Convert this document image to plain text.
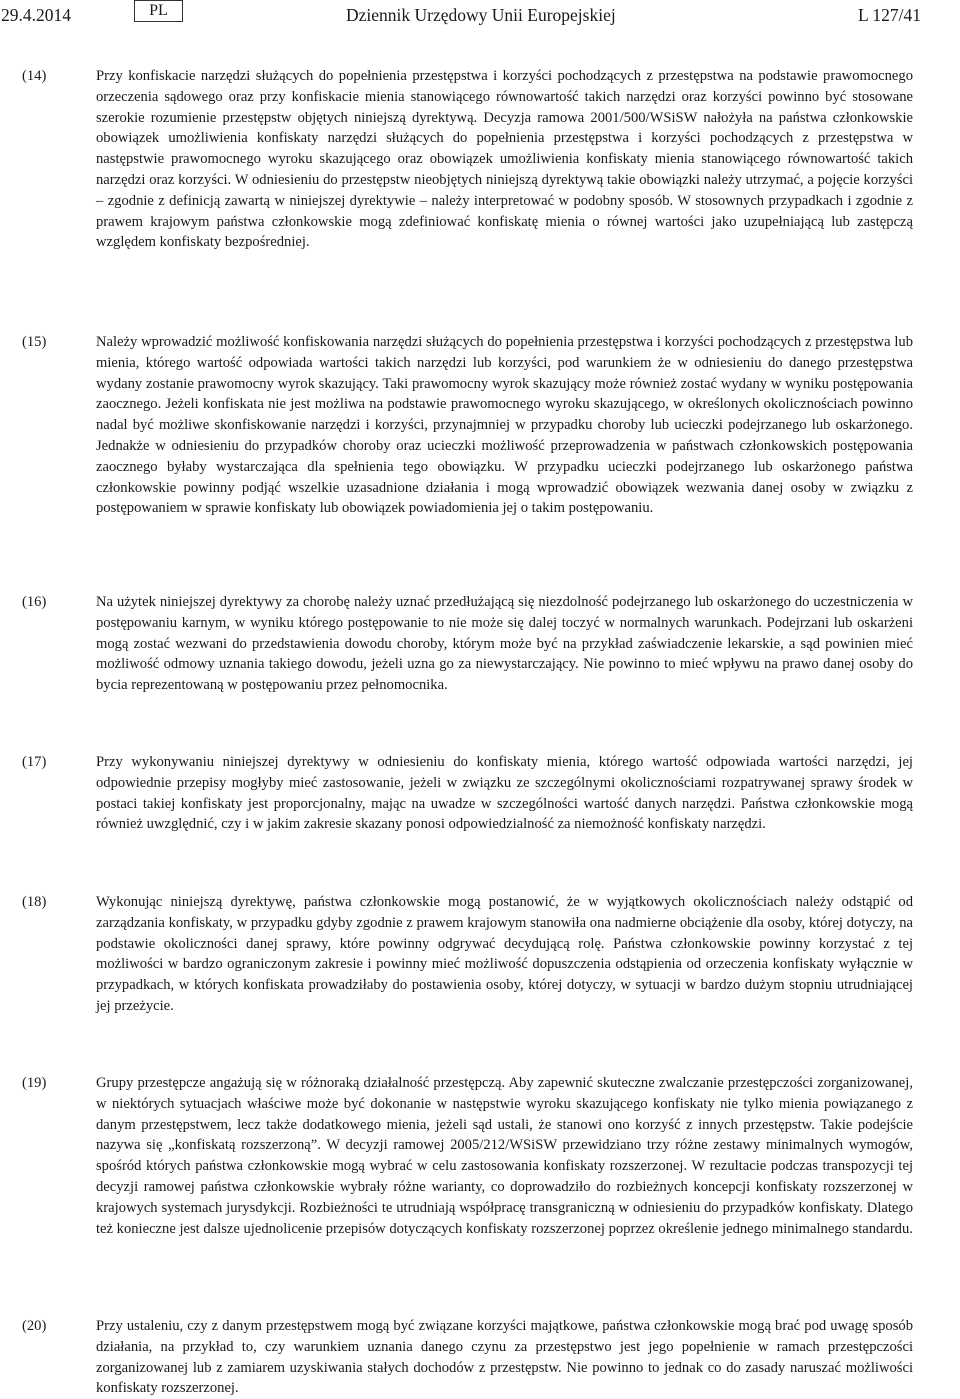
29.4.2014	PL	Dziennik Urzędowy Unii Europejskiej	L 127/41
(14)	Przy konfiskacie narzędzi służących do popełnienia przestępstwa i korzyści pochodzących z przestępstwa na podstawie prawomocnego orzeczenia sądowego oraz przy konfiskacie mienia stanowiącego równowartość takich narzędzi oraz korzyści powinno być stosowane szerokie rozumienie przestępstw objętych niniejszą dyrektywą. Decyzja ramowa 2001/500/WSiSW nałożyła na państwa członkowskie obowiązek umożliwienia konfiskaty narzędzi służących do popełnienia przestępstwa i korzyści pochodzących z przestępstwa w następstwie prawomocnego wyroku skazującego oraz obowiązek umożliwienia konfiskaty mienia stanowiącego równowartość takich narzędzi oraz korzyści. W odniesieniu do przestępstw nieobjętych niniejszą dyrektywą takie obowiązki należy utrzymać, a pojęcie korzyści – zgodnie z definicją zawartą w niniejszej dyrektywie – należy interpretować w podobny sposób. W stosownych przypadkach i zgodnie z prawem krajowym państwa członkowskie mogą zdefiniować konfiskatę mienia o równej wartości jako uzupełniającą lub zastępczą względem konfiskaty bezpośredniej.
(15)	Należy wprowadzić możliwość konfiskowania narzędzi służących do popełnienia przestępstwa i korzyści pochodzących z przestępstwa lub mienia, którego wartość odpowiada wartości takich narzędzi lub korzyści, pod warunkiem że w odniesieniu do danego przestępstwa wydany zostanie prawomocny wyrok skazujący. Taki prawomocny wyrok skazujący może również zostać wydany w wyniku postępowania zaocznego. Jeżeli konfiskata nie jest możliwa na podstawie prawomocnego wyroku skazującego, w określonych okolicznościach powinno nadal być możliwe skonfiskowanie narzędzi i korzyści, przynajmniej w przypadku choroby lub ucieczki podejrzanego lub oskarżonego. Jednakże w odniesieniu do przypadków choroby oraz ucieczki możliwość przeprowadzenia w państwach członkowskich postępowania zaocznego byłaby wystarczająca dla spełnienia tego obowiązku. W przypadku ucieczki podejrzanego lub oskarżonego państwa członkowskie powinny podjąć wszelkie uzasadnione działania i mogą wprowadzić obowiązek wezwania danej osoby w związku z postępowaniem w sprawie konfiskaty lub obowiązek powiadomienia jej o takim postępowaniu.
(16)	Na użytek niniejszej dyrektywy za chorobę należy uznać przedłużającą się niezdolność podejrzanego lub oskarżonego do uczestniczenia w postępowaniu karnym, w wyniku którego postępowanie to nie może się dalej toczyć w normalnych warunkach. Podejrzani lub oskarżeni mogą zostać wezwani do przedstawienia dowodu choroby, którym może być na przykład zaświadczenie lekarskie, a sąd powinien mieć możliwość odmowy uznania takiego dowodu, jeżeli uzna go za niewystarczający. Nie powinno to mieć wpływu na prawo danej osoby do bycia reprezentowaną w postępowaniu przez pełnomocnika.
(17)	Przy wykonywaniu niniejszej dyrektywy w odniesieniu do konfiskaty mienia, którego wartość odpowiada wartości narzędzi, jej odpowiednie przepisy mogłyby mieć zastosowanie, jeżeli w związku ze szczególnymi okolicznościami rozpatrywanej sprawy środek w postaci takiej konfiskaty jest proporcjonalny, mając na uwadze w szczególności wartość danych narzędzi. Państwa członkowskie mogą również uwzględnić, czy i w jakim zakresie skazany ponosi odpowiedzialność za niemożność konfiskaty narzędzi.
(18)	Wykonując niniejszą dyrektywę, państwa członkowskie mogą postanowić, że w wyjątkowych okolicznościach należy odstąpić od zarządzania konfiskaty, w przypadku gdyby zgodnie z prawem krajowym stanowiła ona nadmierne obciążenie dla osoby, której dotyczy, na podstawie okoliczności danej sprawy, które powinny odgrywać decydującą rolę. Państwa członkowskie powinny korzystać z tej możliwości w bardzo ograniczonym zakresie i powinny mieć możliwość dopuszczenia odstąpienia od orzeczenia konfiskaty wyłącznie w przypadkach, w których konfiskata prowadziłaby do postawienia osoby, której dotyczy, w sytuacji w bardzo dużym stopniu utrudniającej jej przeżycie.
(19)	Grupy przestępcze angażują się w różnoraką działalność przestępczą. Aby zapewnić skuteczne zwalczanie przestępczości zorganizowanej, w niektórych sytuacjach właściwe może być dokonanie w następstwie wyroku skazującego konfiskaty nie tylko mienia powiązanego z danym przestępstwem, lecz także dodatkowego mienia, jeżeli sąd ustali, że stanowi ono korzyść z innych przestępstw. Takie podejście nazywa się „konfiskatą rozszerzoną”. W decyzji ramowej 2005/212/WSiSW przewidziano trzy różne zestawy minimalnych wymogów, spośród których państwa członkowskie mogą wybrać w celu zastosowania konfiskaty rozszerzonej. W rezultacie podczas transpozycji tej decyzji ramowej państwa członkowskie wybrały różne warianty, co doprowadziło do rozbieżnych koncepcji konfiskaty rozszerzonej w krajowych systemach jurysdykcji. Rozbieżności te utrudniają współpracę transgraniczną w odniesieniu do przypadków konfiskaty. Dlatego też konieczne jest dalsze ujednolicenie przepisów dotyczących konfiskaty rozszerzonej poprzez określenie jednego minimalnego standardu.
(20)	Przy ustaleniu, czy z danym przestępstwem mogą być związane korzyści majątkowe, państwa członkowskie mogą brać pod uwagę sposób działania, na przykład to, czy warunkiem uznania danego czynu za przestępstwo jest jego popełnienie w ramach przestępczości zorganizowanej lub z zamiarem uzyskiwania stałych dochodów z przestępstw. Nie powinno to jednak co do zasady naruszać możliwości konfiskaty rozszerzonej.
